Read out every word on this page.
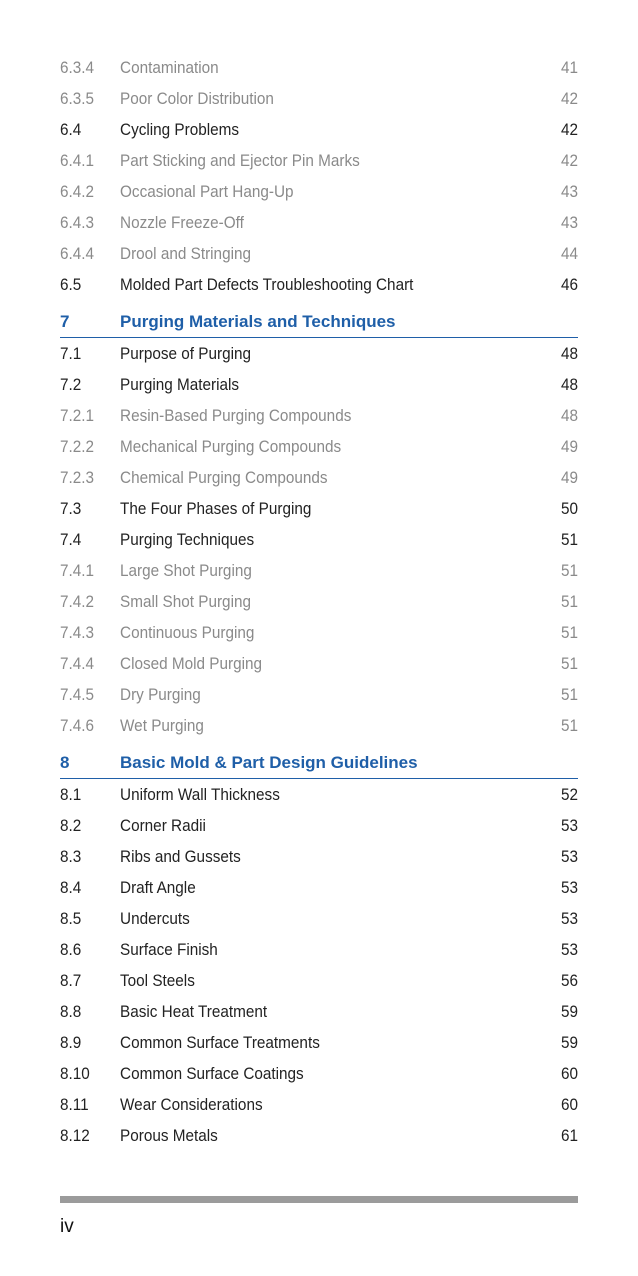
6.3.4	Contamination	41
6.3.5	Poor Color Distribution	42
6.4	Cycling Problems	42
6.4.1	Part Sticking and Ejector Pin Marks	42
6.4.2	Occasional Part Hang-Up	43
6.4.3	Nozzle Freeze-Off	43
6.4.4	Drool and Stringing	44
6.5	Molded Part Defects Troubleshooting Chart	46
7	Purging Materials and Techniques
7.1	Purpose of Purging	48
7.2	Purging Materials	48
7.2.1	Resin-Based Purging Compounds	48
7.2.2	Mechanical Purging Compounds	49
7.2.3	Chemical Purging Compounds	49
7.3	The Four Phases of Purging	50
7.4	Purging Techniques	51
7.4.1	Large Shot Purging	51
7.4.2	Small Shot Purging	51
7.4.3	Continuous Purging	51
7.4.4	Closed Mold Purging	51
7.4.5	Dry Purging	51
7.4.6	Wet Purging	51
8	Basic Mold & Part Design Guidelines
8.1	Uniform Wall Thickness	52
8.2	Corner Radii	53
8.3	Ribs and Gussets	53
8.4	Draft Angle	53
8.5	Undercuts	53
8.6	Surface Finish	53
8.7	Tool Steels	56
8.8	Basic Heat Treatment	59
8.9	Common Surface Treatments	59
8.10	Common Surface Coatings	60
8.11	Wear Considerations	60
8.12	Porous Metals	61
iv
